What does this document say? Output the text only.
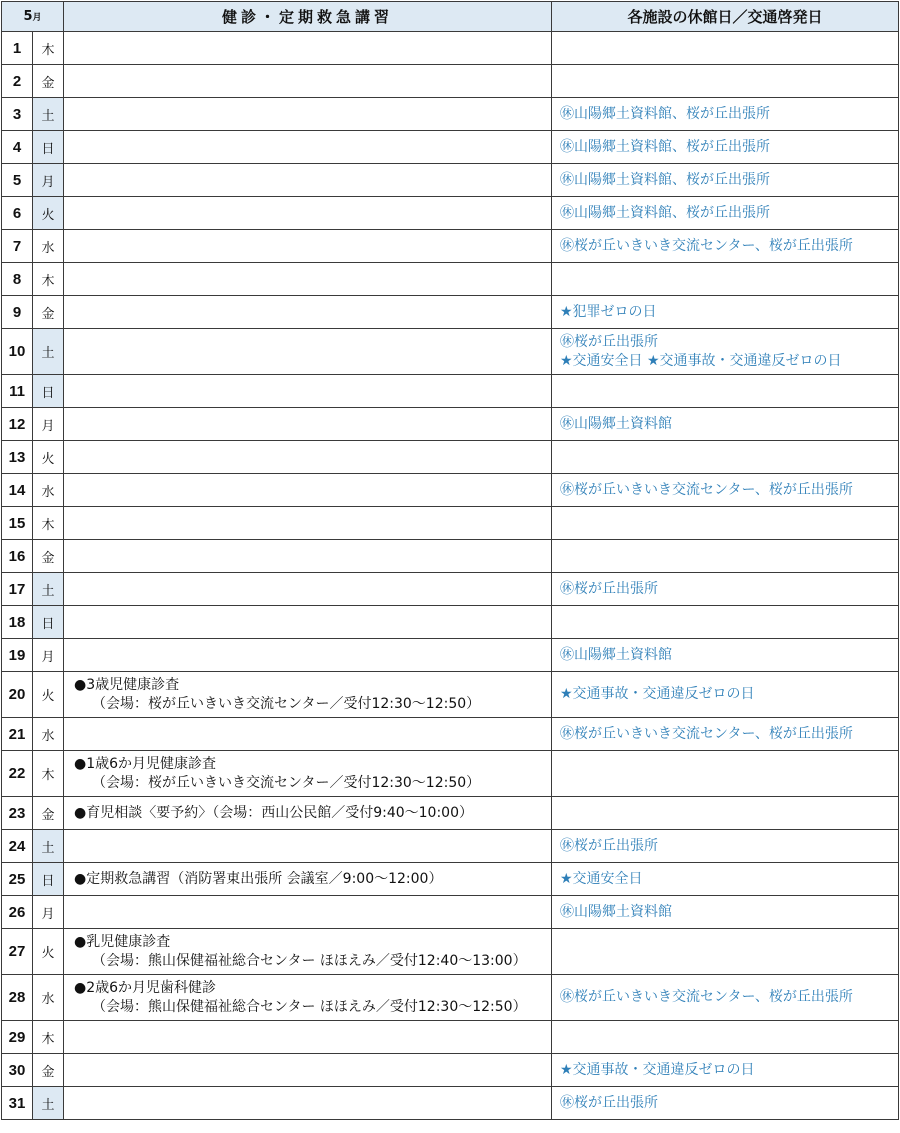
5月		健診・定期救急講習	各施設の休館日／交通啓発日
1	木		
2	金		
3	土		㊡山陽郷土資料館、桜が丘出張所

4	日		㊡山陽郷土資料館、桜が丘出張所

5	月		㊡山陽郷土資料館、桜が丘出張所

6	火		㊡山陽郷土資料館、桜が丘出張所

7	水		㊡桜が丘いきいき交流センター、桜が丘出張所

8	木		
9	金		★犯罪ゼロの日

10	土		㊡桜が丘出張所
★交通安全日 ★交通事故・交通違反ゼロの日

11	日		
12	月		㊡山陽郷土資料館

13	火		
14	水		㊡桜が丘いきいき交流センター、桜が丘出張所

15	木		
16	金		
17	土		㊡桜が丘出張所

18	日		
19	月		㊡山陽郷土資料館

20	火	●3歳児健康診査
（会場：桜が丘いきいき交流センター／受付12:30〜12:50）	★交通事故・交通違反ゼロの日

21	水		㊡桜が丘いきいき交流センター、桜が丘出張所

22	木	●1歳6か月児健康診査
（会場：桜が丘いきいき交流センター／受付12:30〜12:50）	

23	金	●育児相談〈要予約〉（会場：西山公民館／受付9:40〜10:00）	

24	土		㊡桜が丘出張所

25	日	●定期救急講習（消防署東出張所 会議室／9:00〜12:00）	★交通安全日

26	月		㊡山陽郷土資料館

27	火	●乳児健康診査
（会場：熊山保健福祉総合センター ほほえみ／受付12:40〜13:00）	

28	水	●2歳6か月児歯科健診
（会場：熊山保健福祉総合センター ほほえみ／受付12:30〜12:50）	㊡桜が丘いきいき交流センター、桜が丘出張所

29	木		
30	金		★交通事故・交通違反ゼロの日

31	土		㊡桜が丘出張所
